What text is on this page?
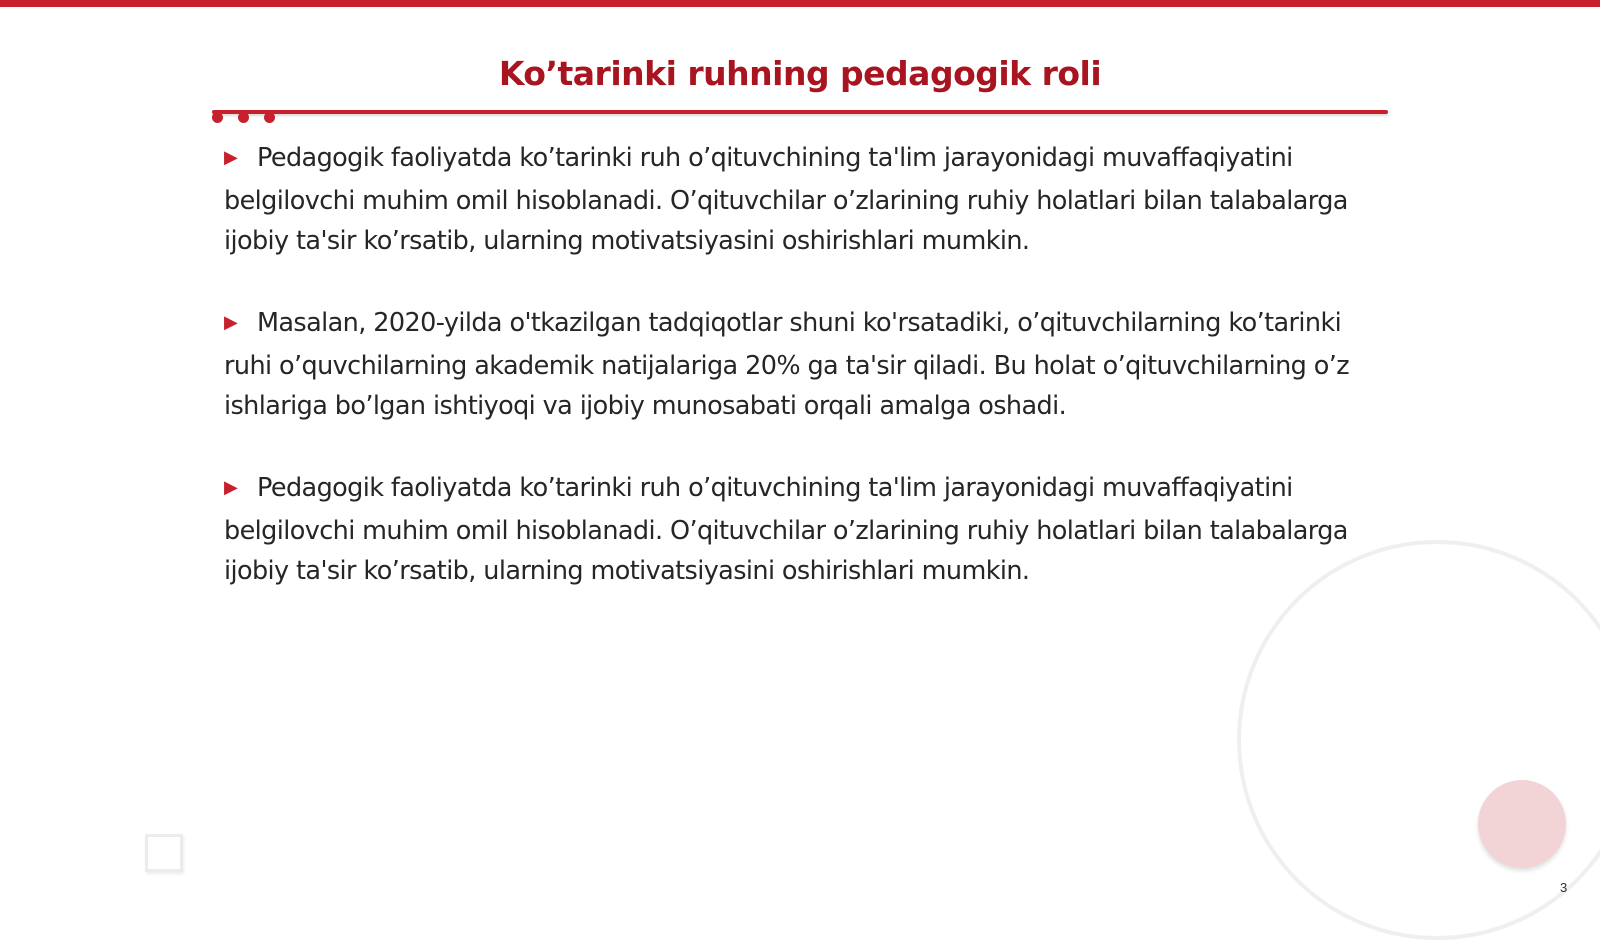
Ko’tarinki ruhning pedagogik roli

▶ Pedagogik faoliyatda ko’tarinki ruh o’qituvchining ta'lim jarayonidagi muvaffaqiyatini belgilovchi muhim omil hisoblanadi. O’qituvchilar o’zlarining ruhiy holatlari bilan talabalarga ijobiy ta'sir ko’rsatib, ularning motivatsiyasini oshirishlari mumkin.

▶ Masalan, 2020-yilda o'tkazilgan tadqiqotlar shuni ko'rsatadiki, o’qituvchilarning ko’tarinki ruhi o’quvchilarning akademik natijalariga 20% ga ta'sir qiladi. Bu holat o’qituvchilarning o’z ishlariga bo’lgan ishtiyoqi va ijobiy munosabati orqali amalga oshadi.

▶ Pedagogik faoliyatda ko’tarinki ruh o’qituvchining ta'lim jarayonidagi muvaffaqiyatini belgilovchi muhim omil hisoblanadi. O’qituvchilar o’zlarining ruhiy holatlari bilan talabalarga ijobiy ta'sir ko’rsatib, ularning motivatsiyasini oshirishlari mumkin.

3
